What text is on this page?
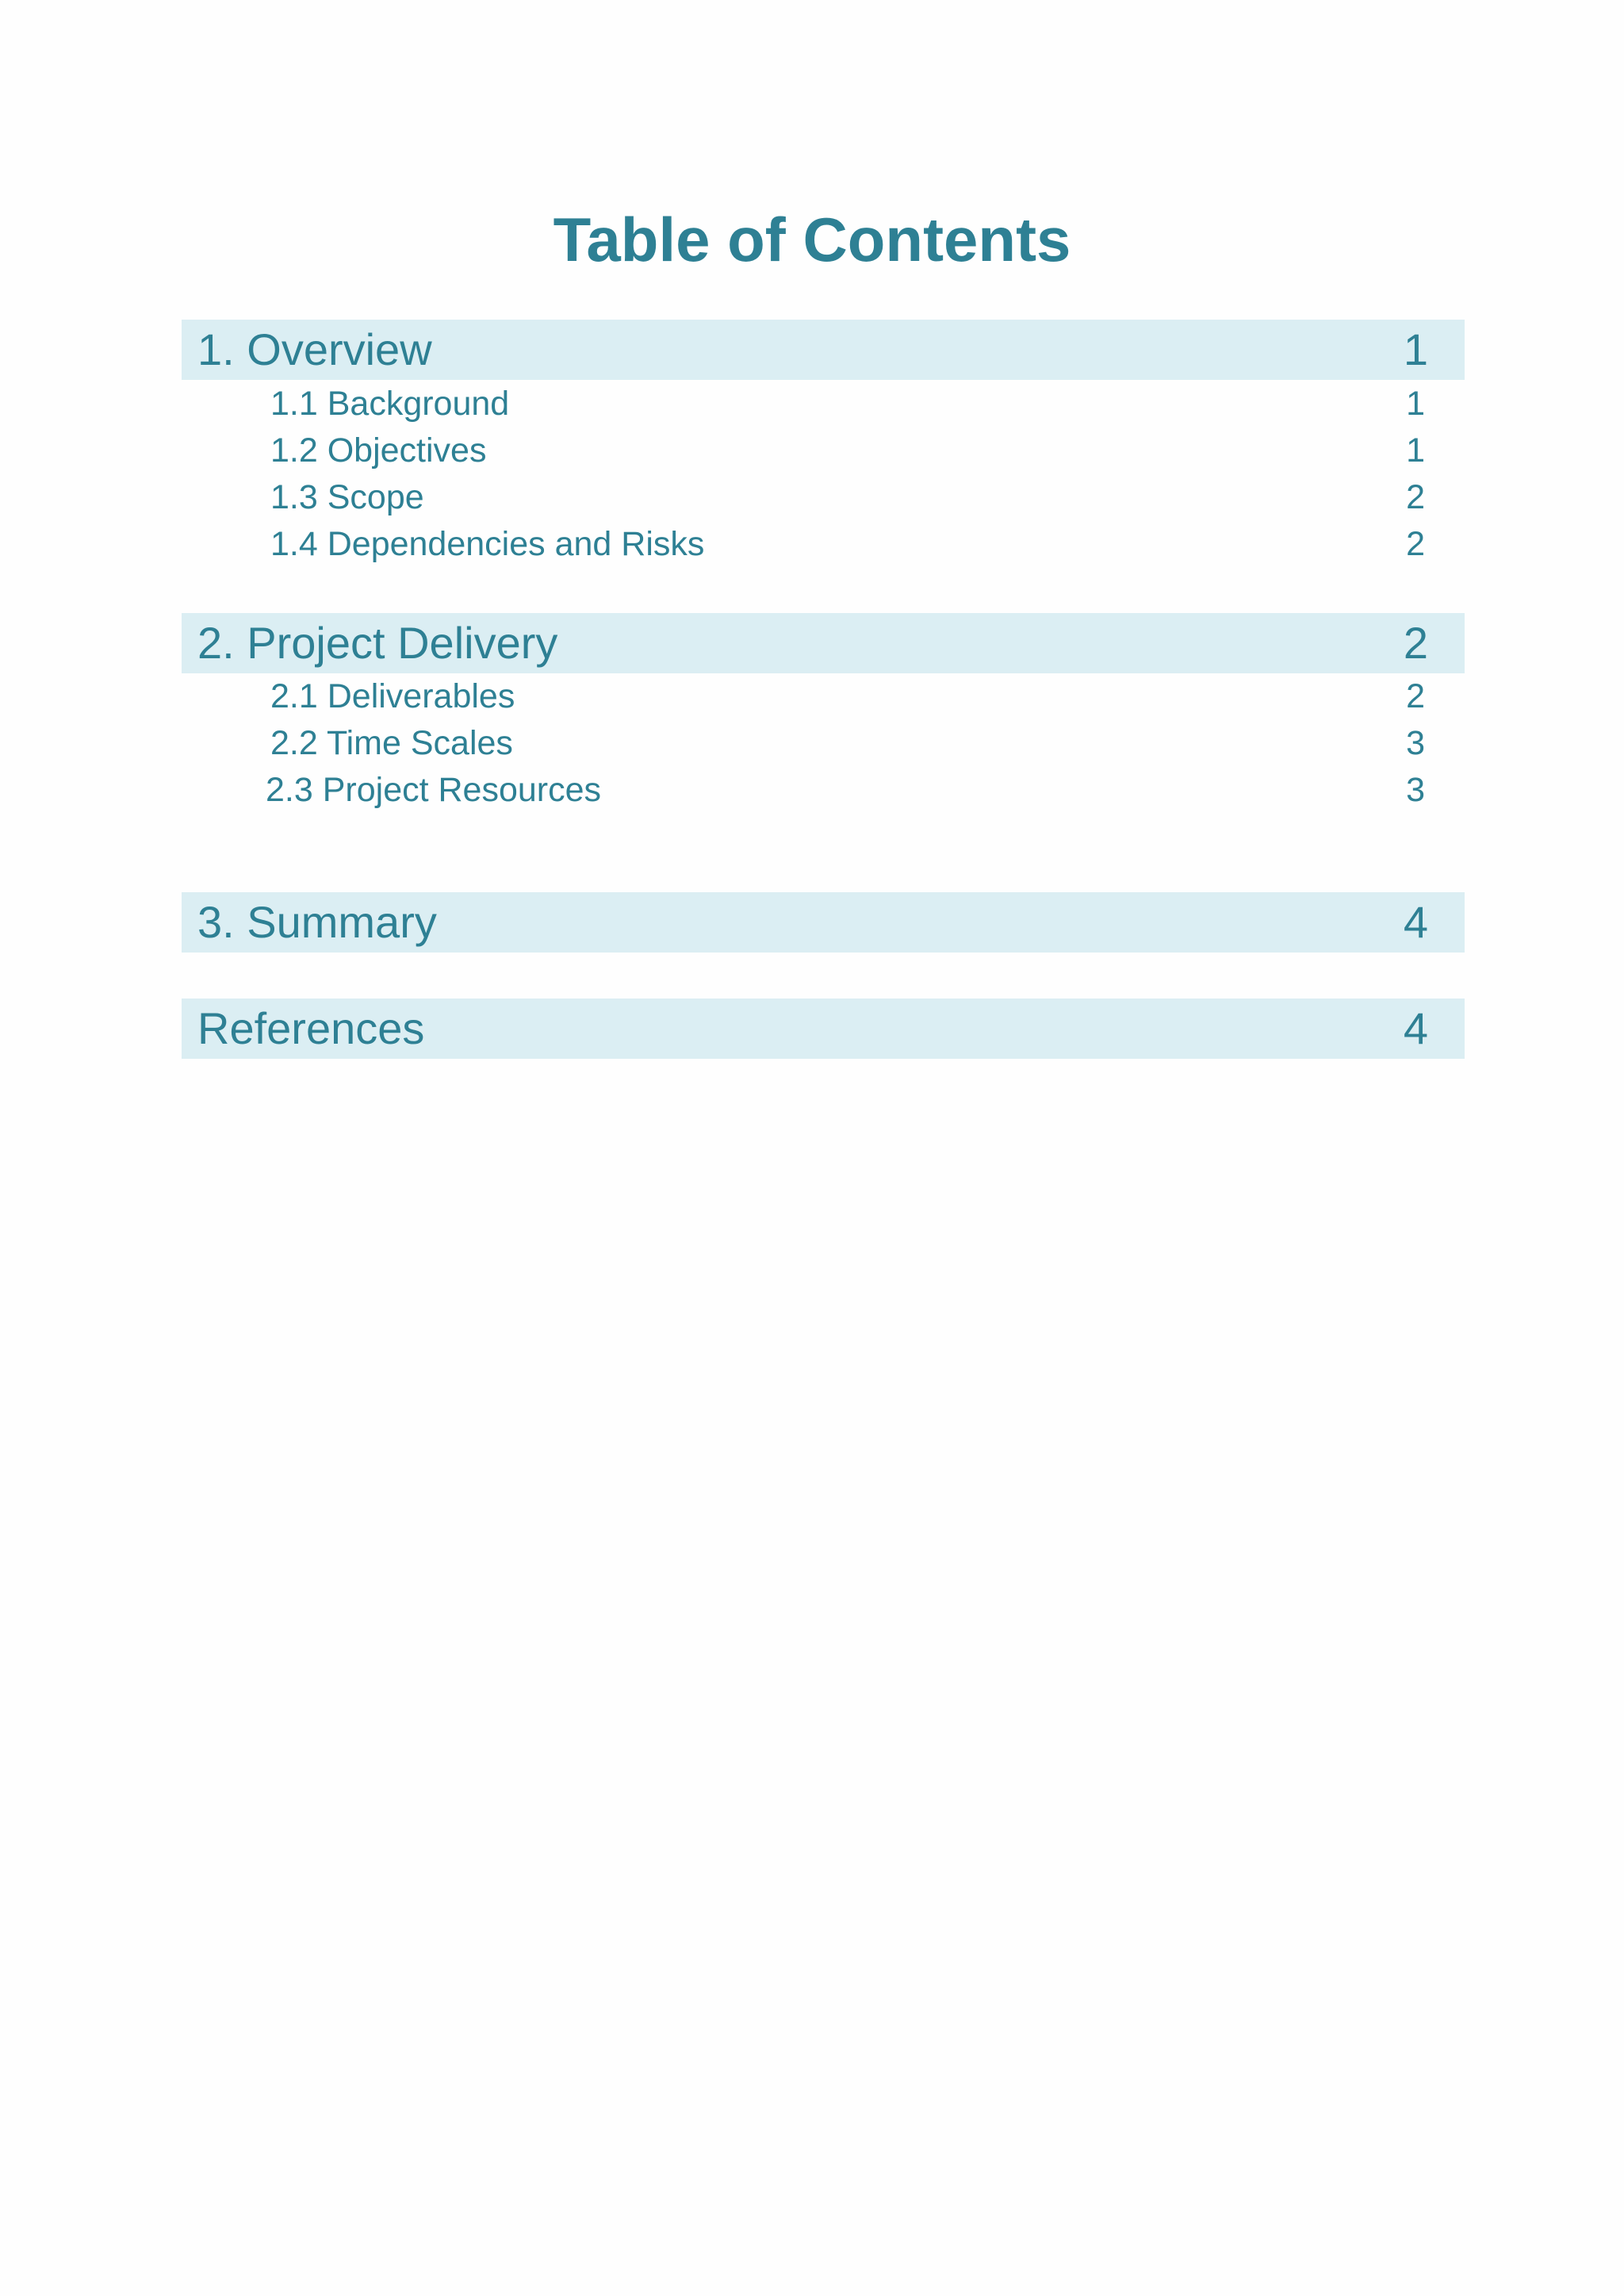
Table of Contents
1. Overview	1
1.1 Background	1
1.2 Objectives	1
1.3 Scope	2
1.4 Dependencies and Risks	2
2. Project Delivery	2
2.1 Deliverables	2
2.2 Time Scales	3
2.3 Project Resources	3
3. Summary	4
References	4
